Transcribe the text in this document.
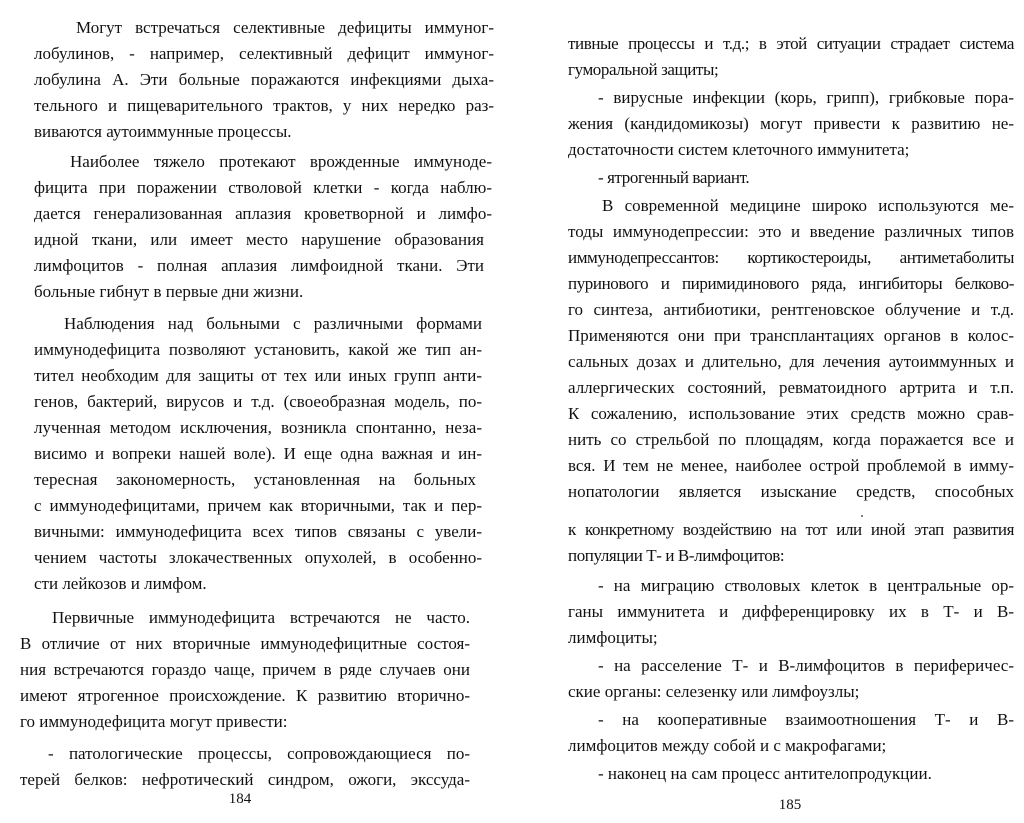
Могут встречаться селективные дефициты иммуног-
лобулинов, - например, селективный дефицит иммуног-
лобулина А. Эти больные поражаются инфекциями дыха-
тельного и пищеварительного трактов, у них нередко раз-
виваются аутоиммунные процессы.
Наиболее тяжело протекают врожденные иммуноде-
фицита при поражении стволовой клетки - когда наблю-
дается генерализованная аплазия кроветворной и лимфо-
идной ткани, или имеет место нарушение образования
лимфоцитов - полная аплазия лимфоидной ткани. Эти
больные гибнут в первые дни жизни.
Наблюдения над больными с различными формами
иммунодефицита позволяют установить, какой же тип ан-
тител необходим для защиты от тех или иных групп анти-
генов, бактерий, вирусов и т.д. (своеобразная модель, по-
лученная методом исключения, возникла спонтанно, неза-
висимо и вопреки нашей воле). И еще одна важная и ин-
тересная закономерность, установленная на больных
с иммунодефицитами, причем как вторичными, так и пер-
вичными: иммунодефицита всех типов связаны с увели-
чением частоты злокачественных опухолей, в особенно-
сти лейкозов и лимфом.
Первичные иммунодефицита встречаются не часто.
В отличие от них вторичные иммунодефицитные состоя-
ния встречаются гораздо чаще, причем в ряде случаев они
имеют ятрогенное происхождение. К развитию вторично-
го иммунодефицита могут привести:
- патологические процессы, сопровождающиеся по-
терей белков: нефротический синдром, ожоги, экссуда-
184
тивные процессы и т.д.; в этой ситуации страдает система
гуморальной защиты;
- вирусные инфекции (корь, грипп), грибковые пора-
жения (кандидомикозы) могут привести к развитию не-
достаточности систем клеточного иммунитета;
- ятрогенный вариант.
В современной медицине широко используются ме-
тоды иммунодепрессии: это и введение различных типов
иммунодепрессантов: кортикостероиды, антиметаболиты
пуринового и пиримидинового ряда, ингибиторы белково-
го синтеза, антибиотики, рентгеновское облучение и т.д.
Применяются они при трансплантациях органов в колос-
сальных дозах и длительно, для лечения аутоиммунных и
аллергических состояний, ревматоидного артрита и т.п.
К сожалению, использование этих средств можно срав-
нить со стрельбой по площадям, когда поражается все и
вся. И тем не менее, наиболее острой проблемой в имму-
нопатологии является изыскание средств, способных
к конкретному воздействию на тот или иной этап развития
популяции Т- и В-лимфоцитов:
- на миграцию стволовых клеток в центральные ор-
ганы иммунитета и дифференцировку их в Т- и В-
лимфоциты;
- на расселение Т- и В-лимфоцитов в периферичес-
ские органы: селезенку или лимфоузлы;
- на кооперативные взаимоотношения Т- и В-
лимфоцитов между собой и с макрофагами;
- наконец на сам процесс антителопродукции.
185
